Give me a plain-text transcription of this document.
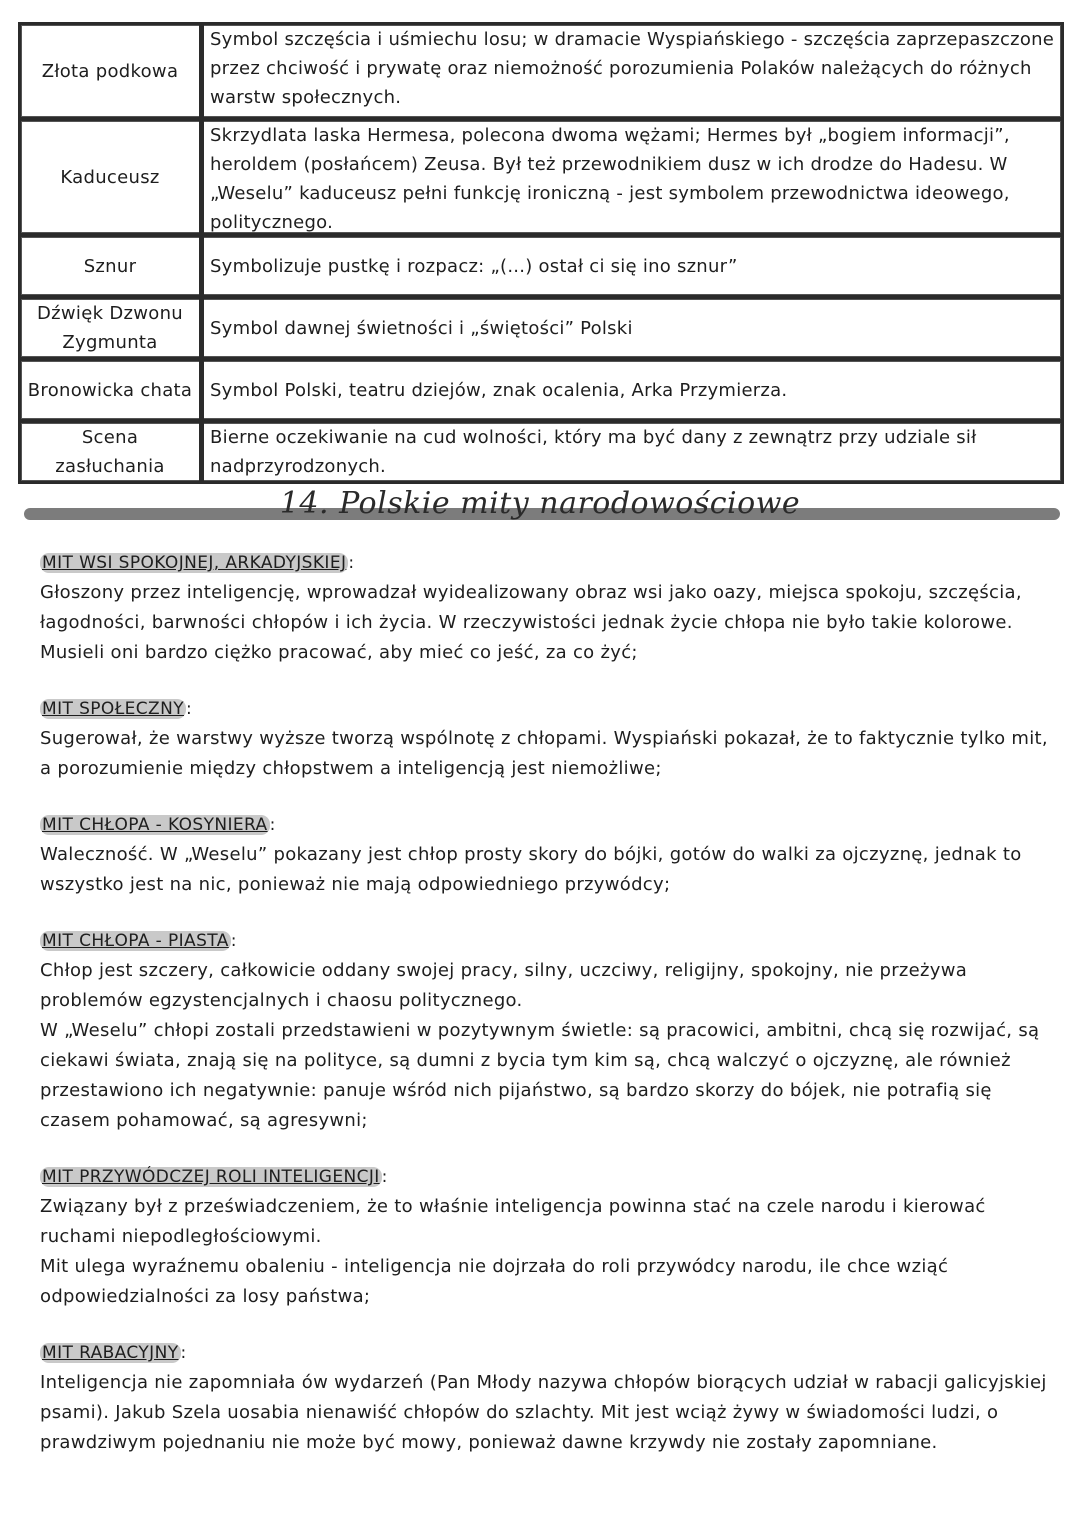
Złota podkowa
Symbol szczęścia i uśmiechu losu; w dramacie Wyspiańskiego - szczęścia zaprzepaszczone przez chciwość i prywatę oraz niemożność porozumienia Polaków należących do różnych warstw społecznych.
Kaduceusz
Skrzydlata laska Hermesa, polecona dwoma wężami; Hermes był „bogiem informacji”, heroldem (posłańcem) Zeusa. Był też przewodnikiem dusz w ich drodze do Hadesu. W „Weselu” kaduceusz pełni funkcję ironiczną - jest symbolem przewodnictwa ideowego, politycznego.
Sznur	Symbolizuje pustkę i rozpacz: „(...) ostał ci się ino sznur”
Dźwięk Dzwonu Zygmunta
Symbol dawnej świetności i „świętości” Polski
Bronowicka chata Symbol Polski, teatru dziejów, znak ocalenia, Arka Przymierza.
Scena zasłuchania
Bierne oczekiwanie na cud wolności, który ma być dany z zewnątrz przy udziale sił nadprzyrodzonych.
14. Polskie mity narodowościowe
MIT WSI SPOKOJNEJ, ARKADYJSKIEJ :

Głoszony przez inteligencję, wprowadzał wyidealizowany obraz wsi jako oazy, miejsca spokoju, szczęścia, łagodności, barwności chłopów i ich życia. W rzeczywistości jednak życie chłopa nie było takie kolorowe. Musieli oni bardzo ciężko pracować, aby mieć co jeść, za co żyć;

MIT SPOŁECZNY :

Sugerował, że warstwy wyższe tworzą wspólnotę z chłopami. Wyspiański pokazał, że to faktycznie tylko mit, a porozumienie między chłopstwem a inteligencją jest niemożliwe;

MIT CHŁOPA - KOSYNIERA :

Waleczność. W „Weselu” pokazany jest chłop prosty skory do bójki, gotów do walki za ojczyznę, jednak to wszystko jest na nic, ponieważ nie mają odpowiedniego przywódcy;

MIT CHŁOPA - PIASTA :

Chłop jest szczery, całkowicie oddany swojej pracy, silny, uczciwy, religijny, spokojny, nie przeżywa problemów egzystencjalnych i chaosu politycznego.

W „Weselu” chłopi zostali przedstawieni w pozytywnym świetle: są pracowici, ambitni, chcą się rozwijać, są ciekawi świata, znają się na polityce, są dumni z bycia tym kim są, chcą walczyć o ojczyznę, ale również przestawiono ich negatywnie: panuje wśród nich pijaństwo, są bardzo skorzy do bójek, nie potrafią się czasem pohamować, są agresywni;

MIT PRZYWÓDCZEJ ROLI INTELIGENCJI :

Związany był z przeświadczeniem, że to właśnie inteligencja powinna stać na czele narodu i kierować ruchami niepodległościowymi.

Mit ulega wyraźnemu obaleniu - inteligencja nie dojrzała do roli przywódcy narodu, ile chce wziąć odpowiedzialności za losy państwa;

MIT RABACYJNY :

Inteligencja nie zapomniała ów wydarzeń (Pan Młody nazywa chłopów biorących udział w rabacji galicyjskiej psami). Jakub Szela uosabia nienawiść chłopów do szlachty. Mit jest wciąż żywy w świadomości ludzi, o prawdziwym pojednaniu nie może być mowy, ponieważ dawne krzywdy nie zostały zapomniane.
